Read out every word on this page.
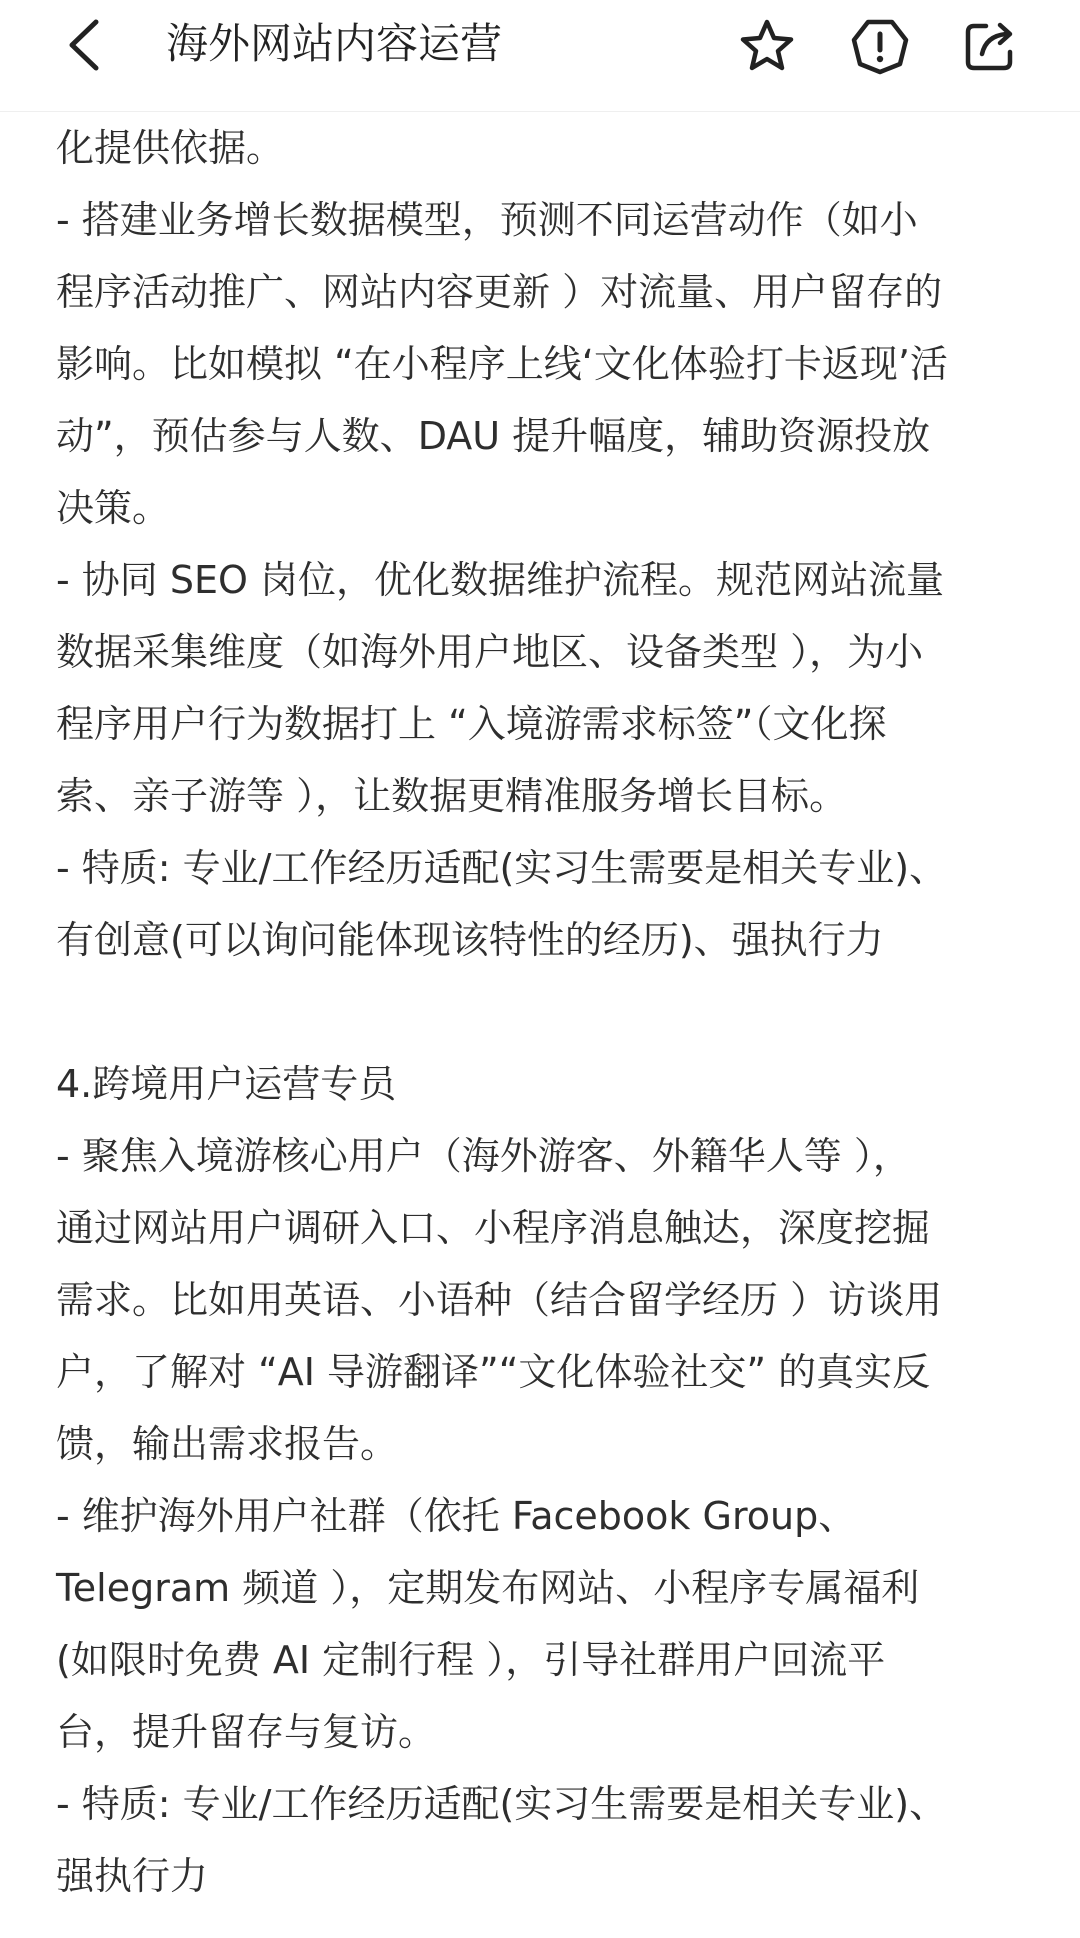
海外网站内容运营
化提供依据。
- 搭建业务增长数据模型，预测不同运营动作（如小
程序活动推广、网站内容更新 ）对流量、用户留存的
影响。比如模拟 “在小程序上线‘文化体验打卡返现’活
动”，预估参与人数、DAU 提升幅度，辅助资源投放
决策。
- 协同 SEO 岗位，优化数据维护流程。规范网站流量
数据采集维度（如海外用户地区、设备类型 ），为小
程序用户行为数据打上 “入境游需求标签”（文化探
索、亲子游等 ），让数据更精准服务增长目标。
- 特质: 专业/工作经历适配(实习生需要是相关专业)、
有创意(可以询问能体现该特性的经历)、强执行力
4.跨境用户运营专员
- 聚焦入境游核心用户（海外游客、外籍华人等 ），
通过网站用户调研入口、小程序消息触达，深度挖掘
需求。比如用英语、小语种（结合留学经历 ）访谈用
户，了解对 “AI 导游翻译”“文化体验社交” 的真实反
馈，输出需求报告。
- 维护海外用户社群（依托 Facebook Group、
Telegram 频道 ），定期发布网站、小程序专属福利
(如限时免费 AI 定制行程 ），引导社群用户回流平
台，提升留存与复访。
- 特质: 专业/工作经历适配(实习生需要是相关专业)、
强执行力
